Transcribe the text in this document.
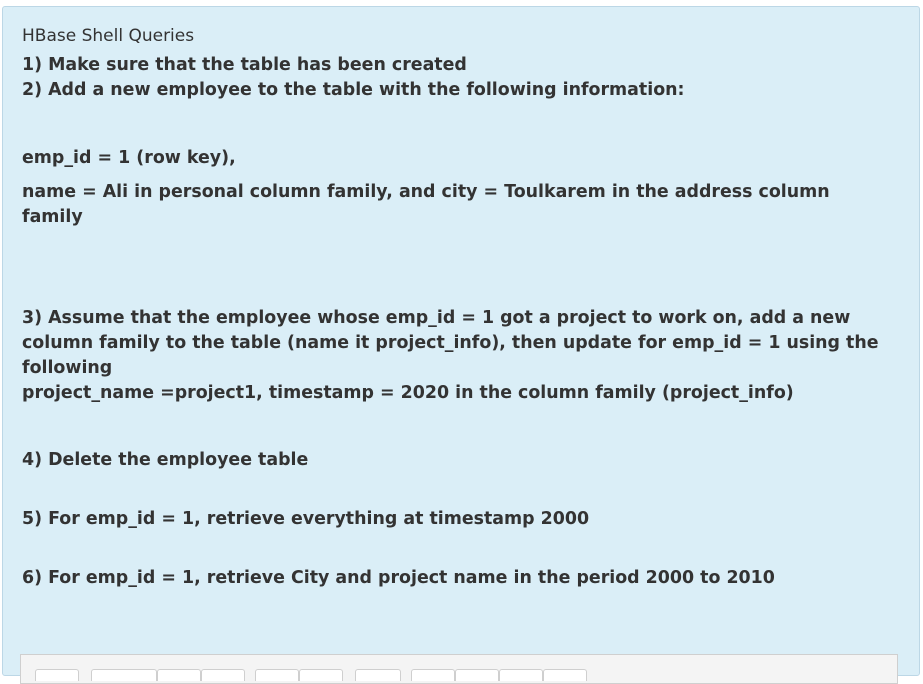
HBase Shell Queries
1) Make sure that the table has been created
2) Add a new employee to the table with the following information:
emp_id = 1 (row key),
name = Ali in personal column family, and city = Toulkarem in the address column
family
3) Assume that the employee whose emp_id = 1 got a project to work on, add a new
column family to the table (name it project_info), then update for emp_id = 1 using the
following
project_name =project1, timestamp = 2020 in the column family (project_info)
4) Delete the employee table
5) For emp_id = 1, retrieve everything at timestamp 2000
6) For emp_id = 1, retrieve City and project name in the period 2000 to 2010
